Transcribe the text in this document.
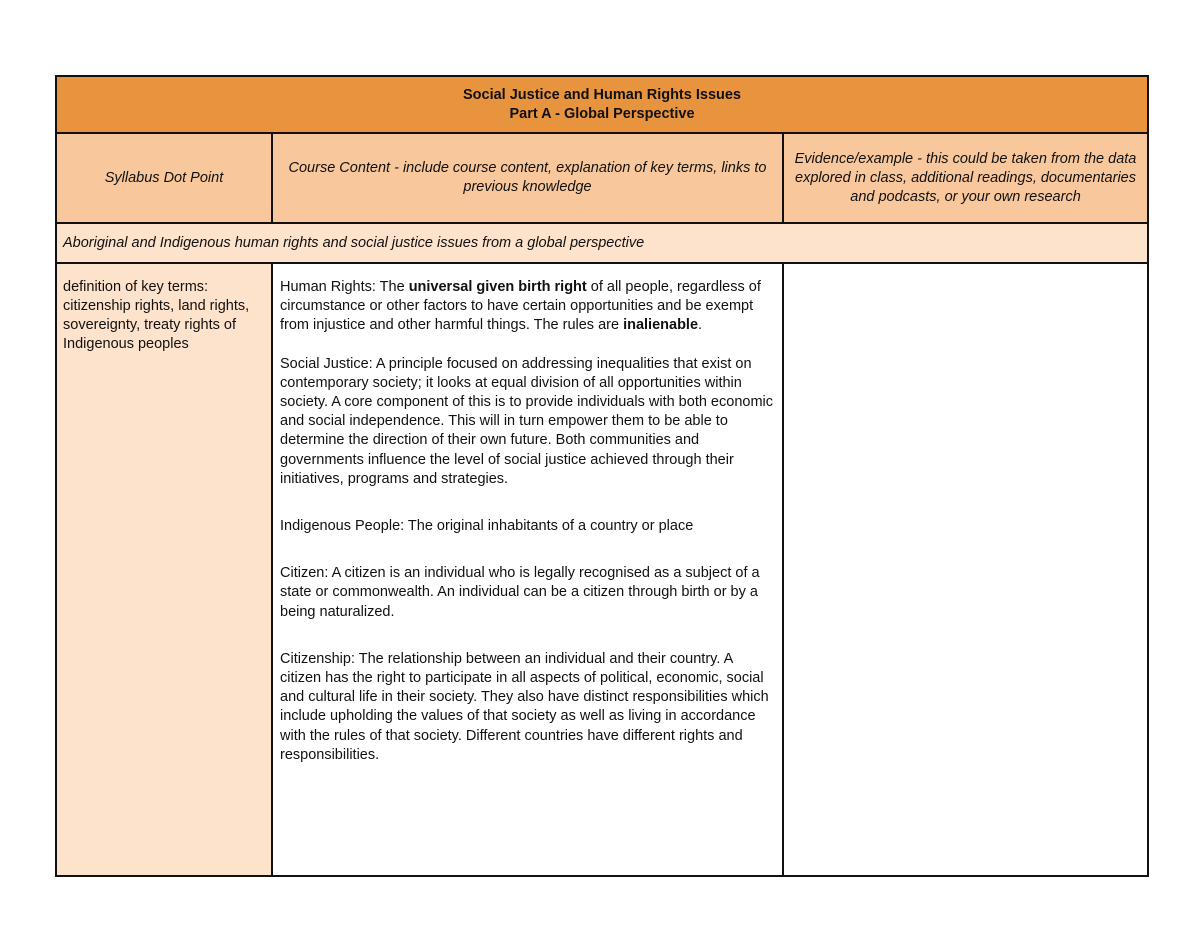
Social Justice and Human Rights Issues
Part A - Global Perspective		

Syllabus Dot Point	Course Content - include course content, explanation of key terms, links to previous knowledge	Evidence/example - this could be taken from the data explored in class, additional readings, documentaries and podcasts, or your own research
Aboriginal and Indigenous human rights and social justice issues from a global perspective		
definition of key terms: citizenship rights, land rights, sovereignty, treaty rights of Indigenous peoples	Human Rights: The universal given birth right of all people, regardless of circumstance or other factors to have certain opportunities and be exempt from injustice and other harmful things. The rules are inalienable.

Social Justice: A principle focused on addressing inequalities that exist on contemporary society; it looks at equal division of all opportunities within society. A core component of this is to provide individuals with both economic and social independence. This will in turn empower them to be able to determine the direction of their own future. Both communities and governments influence the level of social justice achieved through their initiatives, programs and strategies.

Indigenous People: The original inhabitants of a country or place

Citizen: A citizen is an individual who is legally recognised as a subject of a state or commonwealth. An individual can be a citizen through birth or by a being naturalized.

Citizenship: The relationship between an individual and their country. A citizen has the right to participate in all aspects of political, economic, social and cultural life in their society. They also have distinct responsibilities which include upholding the values of that society as well as living in accordance with the rules of that society. Different countries have different rights and responsibilities.	
